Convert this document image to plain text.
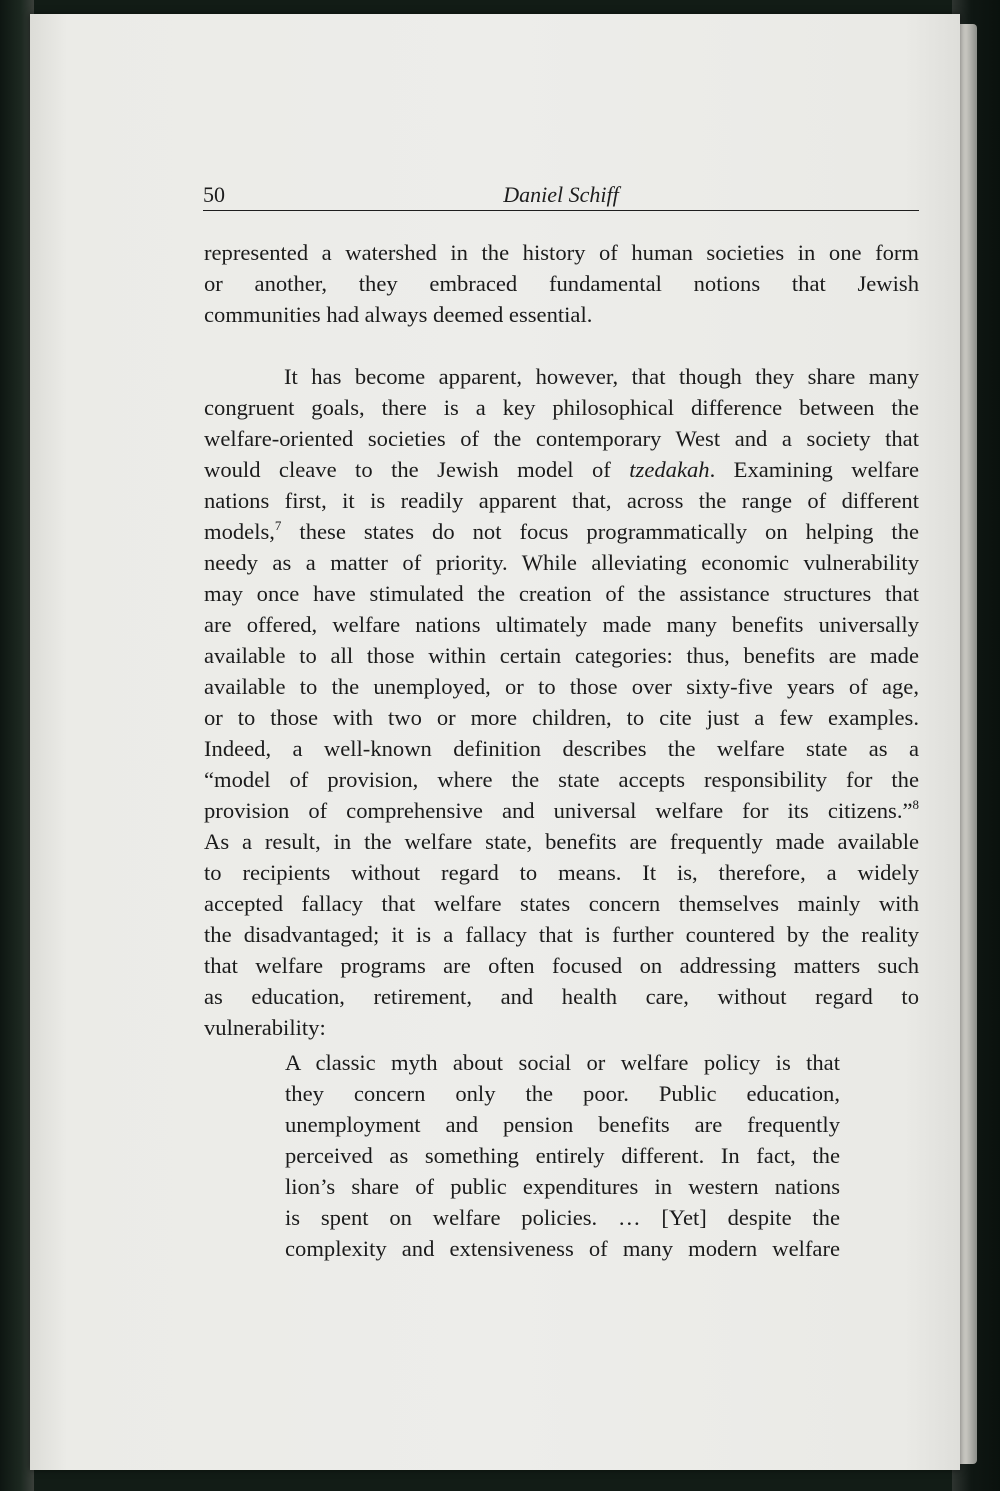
50	Daniel Schiff
represented a watershed in the history of human societies in one form
or another, they embraced fundamental notions that Jewish
communities had always deemed essential.
It has become apparent, however, that though they share many
congruent goals, there is a key philosophical difference between the
welfare-oriented societies of the contemporary West and a society that
would cleave to the Jewish model of tzedakah. Examining welfare
nations first, it is readily apparent that, across the range of different
models,$^7$ these states do not focus programmatically on helping the
needy as a matter of priority. While alleviating economic vulnerability
may once have stimulated the creation of the assistance structures that
are offered, welfare nations ultimately made many benefits universally
available to all those within certain categories: thus, benefits are made
available to the unemployed, or to those over sixty-five years of age,
or to those with two or more children, to cite just a few examples.
Indeed, a well-known definition describes the welfare state as a
“model of provision, where the state accepts responsibility for the
provision of comprehensive and universal welfare for its citizens.”$^8$
As a result, in the welfare state, benefits are frequently made available
to recipients without regard to means. It is, therefore, a widely
accepted fallacy that welfare states concern themselves mainly with
the disadvantaged; it is a fallacy that is further countered by the reality
that welfare programs are often focused on addressing matters such
as education, retirement, and health care, without regard to
vulnerability:
A classic myth about social or welfare policy is that
they concern only the poor. Public education,
unemployment and pension benefits are frequently
perceived as something entirely different. In fact, the
lion’s share of public expenditures in western nations
is spent on welfare policies. … [Yet] despite the
complexity and extensiveness of many modern welfare
